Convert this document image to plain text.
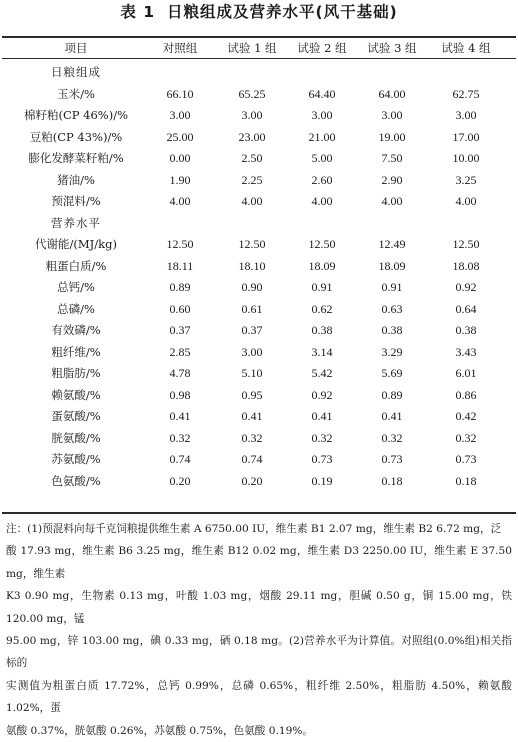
表 1 日粮组成及营养水平(风干基础)
项目	对照组	试验 1 组	试验 2 组	试验 3 组	试验 4 组
日粮组成
玉米/%	66.10	65.25	64.40	64.00	62.75
棉籽粕(CP 46%)/%	3.00	3.00	3.00	3.00	3.00
豆粕(CP 43%)/%	25.00	23.00	21.00	19.00	17.00
膨化发酵菜籽粕/%	0.00	2.50	5.00	7.50	10.00
猪油/%	1.90	2.25	2.60	2.90	3.25
预混料/%	4.00	4.00	4.00	4.00	4.00
营养水平
代谢能/(MJ/kg)	12.50	12.50	12.50	12.49	12.50
粗蛋白质/%	18.11	18.10	18.09	18.09	18.08
总钙/%	0.89	0.90	0.91	0.91	0.92
总磷/%	0.60	0.61	0.62	0.63	0.64
有效磷/%	0.37	0.37	0.38	0.38	0.38
粗纤维/%	2.85	3.00	3.14	3.29	3.43
粗脂肪/%	4.78	5.10	5.42	5.69	6.01
赖氨酸/%	0.98	0.95	0.92	0.89	0.86
蛋氨酸/%	0.41	0.41	0.41	0.41	0.42
胱氨酸/%	0.32	0.32	0.32	0.32	0.32
苏氨酸/%	0.74	0.74	0.73	0.73	0.73
色氨酸/%	0.20	0.20	0.19	0.18	0.18

注：(1)预混料向每千克饲粮提供维生素 A 6750.00 IU，维生素 B1 2.07 mg，维生素 B2 6.72 mg，泛

酸 17.93 mg，维生素 B6 3.25 mg，维生素 B12 0.02 mg，维生素 D3 2250.00 IU，维生素 E 37.50 mg，维生素

K3 0.90 mg，生物素 0.13 mg，叶酸 1.03 mg，烟酸 29.11 mg，胆碱 0.50 g，铜 15.00 mg，铁 120.00 mg，锰

95.00 mg，锌 103.00 mg，碘 0.33 mg，硒 0.18 mg。(2)营养水平为计算值。对照组(0.0%组)相关指标的

实测值为粗蛋白质 17.72%，总钙 0.99%，总磷 0.65%，粗纤维 2.50%，粗脂肪 4.50%，赖氨酸 1.02%，蛋

氨酸 0.37%，胱氨酸 0.26%，苏氨酸 0.75%，色氨酸 0.19%。
